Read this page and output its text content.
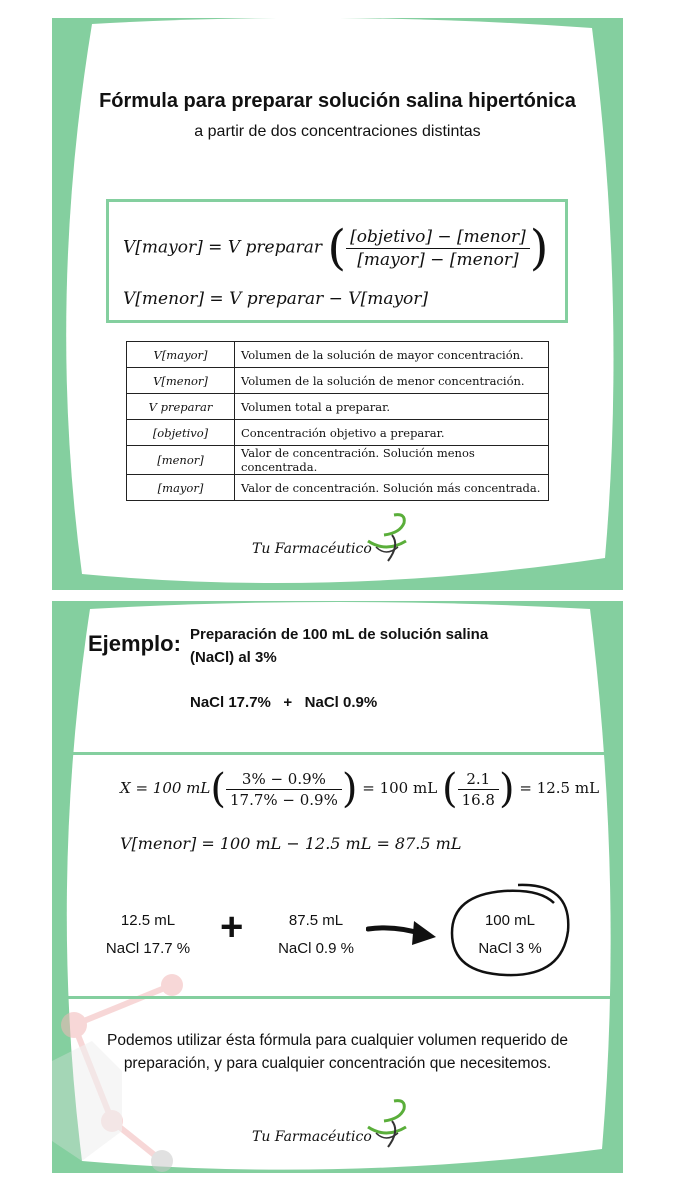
Fórmula para preparar solución salina hipertónica
a partir de dos concentraciones distintas
V[mayor] = V preparar ( $\frac{\text{[objetivo] − [menor]}}{\text{[mayor] − [menor]}}$ )
V[menor] = V preparar − V[mayor]
V[mayor]	Volumen de la solución de mayor concentración.
V[menor]	Volumen de la solución de menor concentración.
V preparar	Volumen total a preparar.
[objetivo]	Concentración objetivo a preparar.
[menor]	Valor de concentración. Solución menos concentrada.
[mayor]	Valor de concentración. Solución más concentrada.
Tu Farmacéutico
Ejemplo: Preparación de 100 mL de solución salina (NaCl) al 3%
NaCl 17.7%   +   NaCl 0.9%
X = 100 $mL( \frac{3\% - 0.9\%}{17.7\% - 0.9\%}$ ) = 100 mL ( $\frac{2.1}{16.8}$ ) = 12.5 mL
V[menor] = 100 mL − 12.5 mL = 87.5 mL
12.5 mL
NaCl 17.7 % +	87.5 mL
NaCl 0.9 %
100 mL
NaCl 3 %
Podemos utilizar ésta fórmula para cualquier volumen requerido de preparación, y para cualquier concentración que necesitemos.
Tu Farmacéutico
